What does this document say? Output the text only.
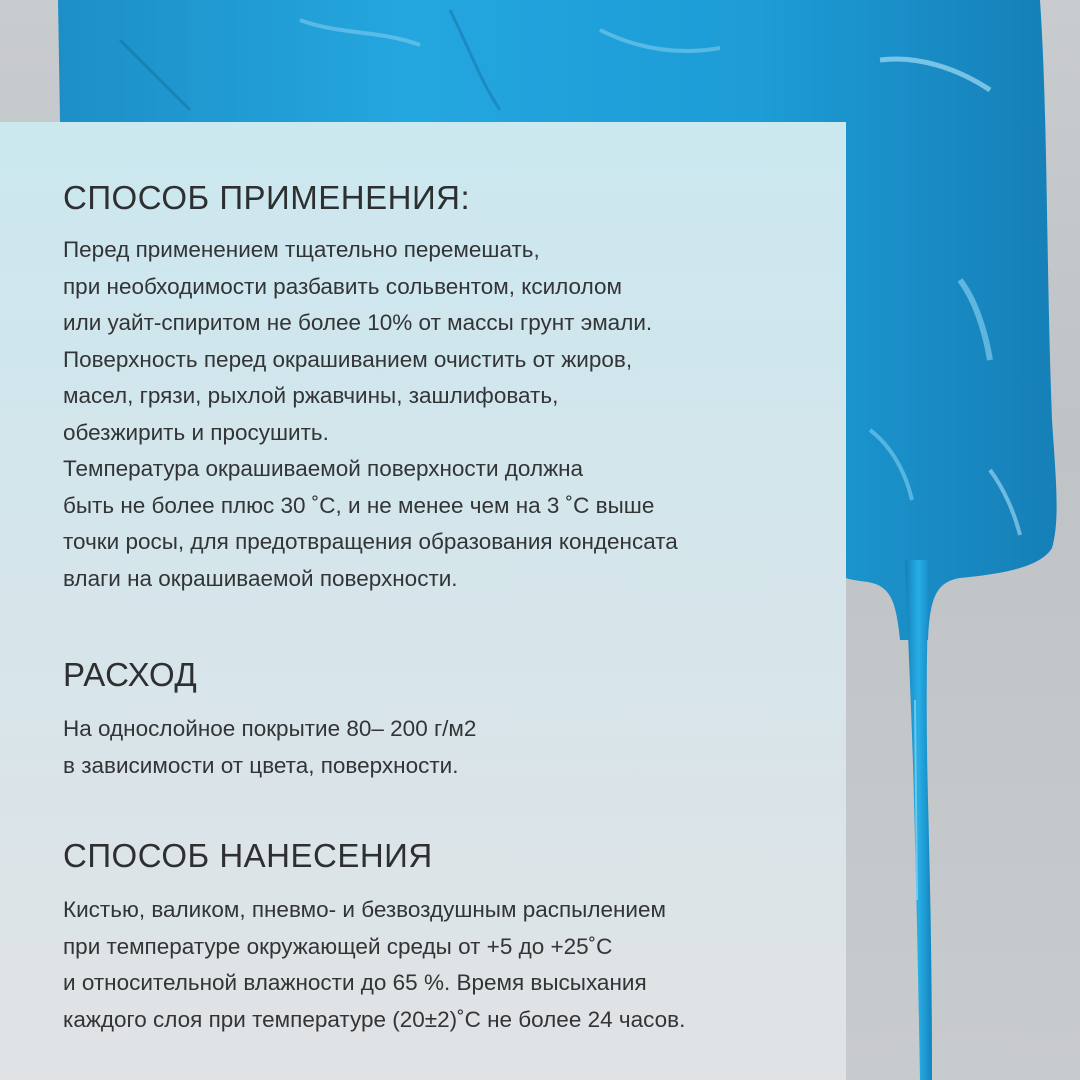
СПОСОБ ПРИМЕНЕНИЯ:
Перед применением тщательно перемешать,
при необходимости разбавить сольвентом, ксилолом
или уайт-спиритом не более 10% от массы грунт эмали.
Поверхность перед окрашиванием очистить от жиров,
масел, грязи, рыхлой ржавчины, зашлифовать,
обезжирить и просушить.
Температура окрашиваемой поверхности должна
быть не более плюс 30 ˚С, и не менее чем на 3 ˚С выше
точки росы, для предотвращения образования конденсата
влаги на окрашиваемой поверхности.
РАСХОД
На однослойное покрытие 80– 200 г/м2
в зависимости от цвета, поверхности.
СПОСОБ НАНЕСЕНИЯ
Кистью, валиком, пневмо- и безвоздушным распылением
при температуре окружающей среды от +5 до +25˚С
и относительной влажности до 65 %. Время высыхания
каждого слоя при температуре (20±2)˚С не более 24 часов.
